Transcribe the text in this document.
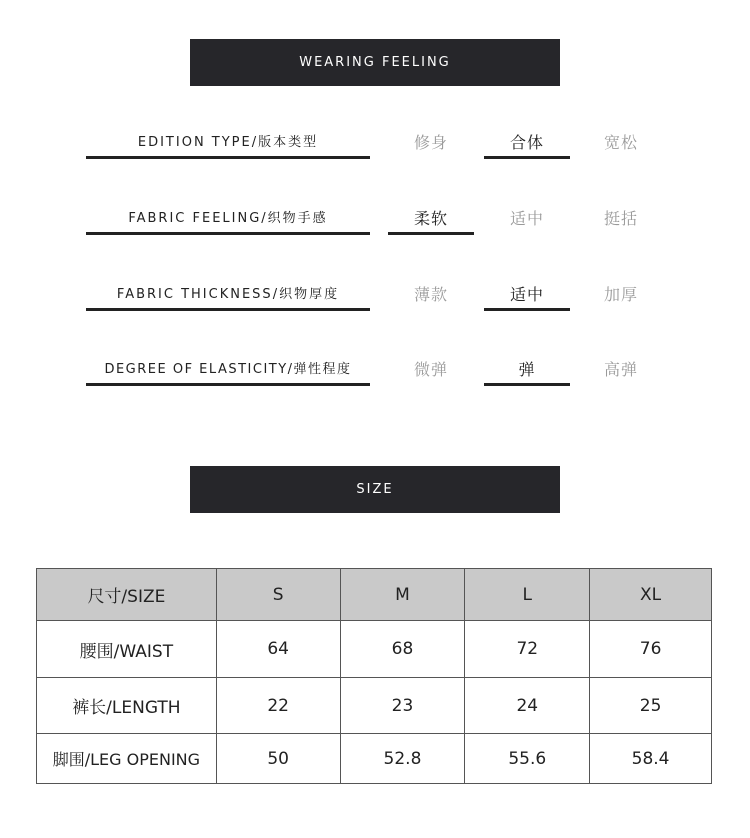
WEARING FEELING
EDITION TYPE/版本类型	修身	合体	宽松
FABRIC FEELING/织物手感	柔软	适中	挺括
FABRIC THICKNESS/织物厚度	薄款	适中	加厚
DEGREE OF ELASTICITY/弹性程度	微弹	弹	高弹
SIZE
尺寸/SIZE	S	M	L	XL
腰围/WAIST	64	68	72	76
裤长/LENGTH	22	23	24	25
脚围/LEG OPENING	50	52.8	55.6	58.4
